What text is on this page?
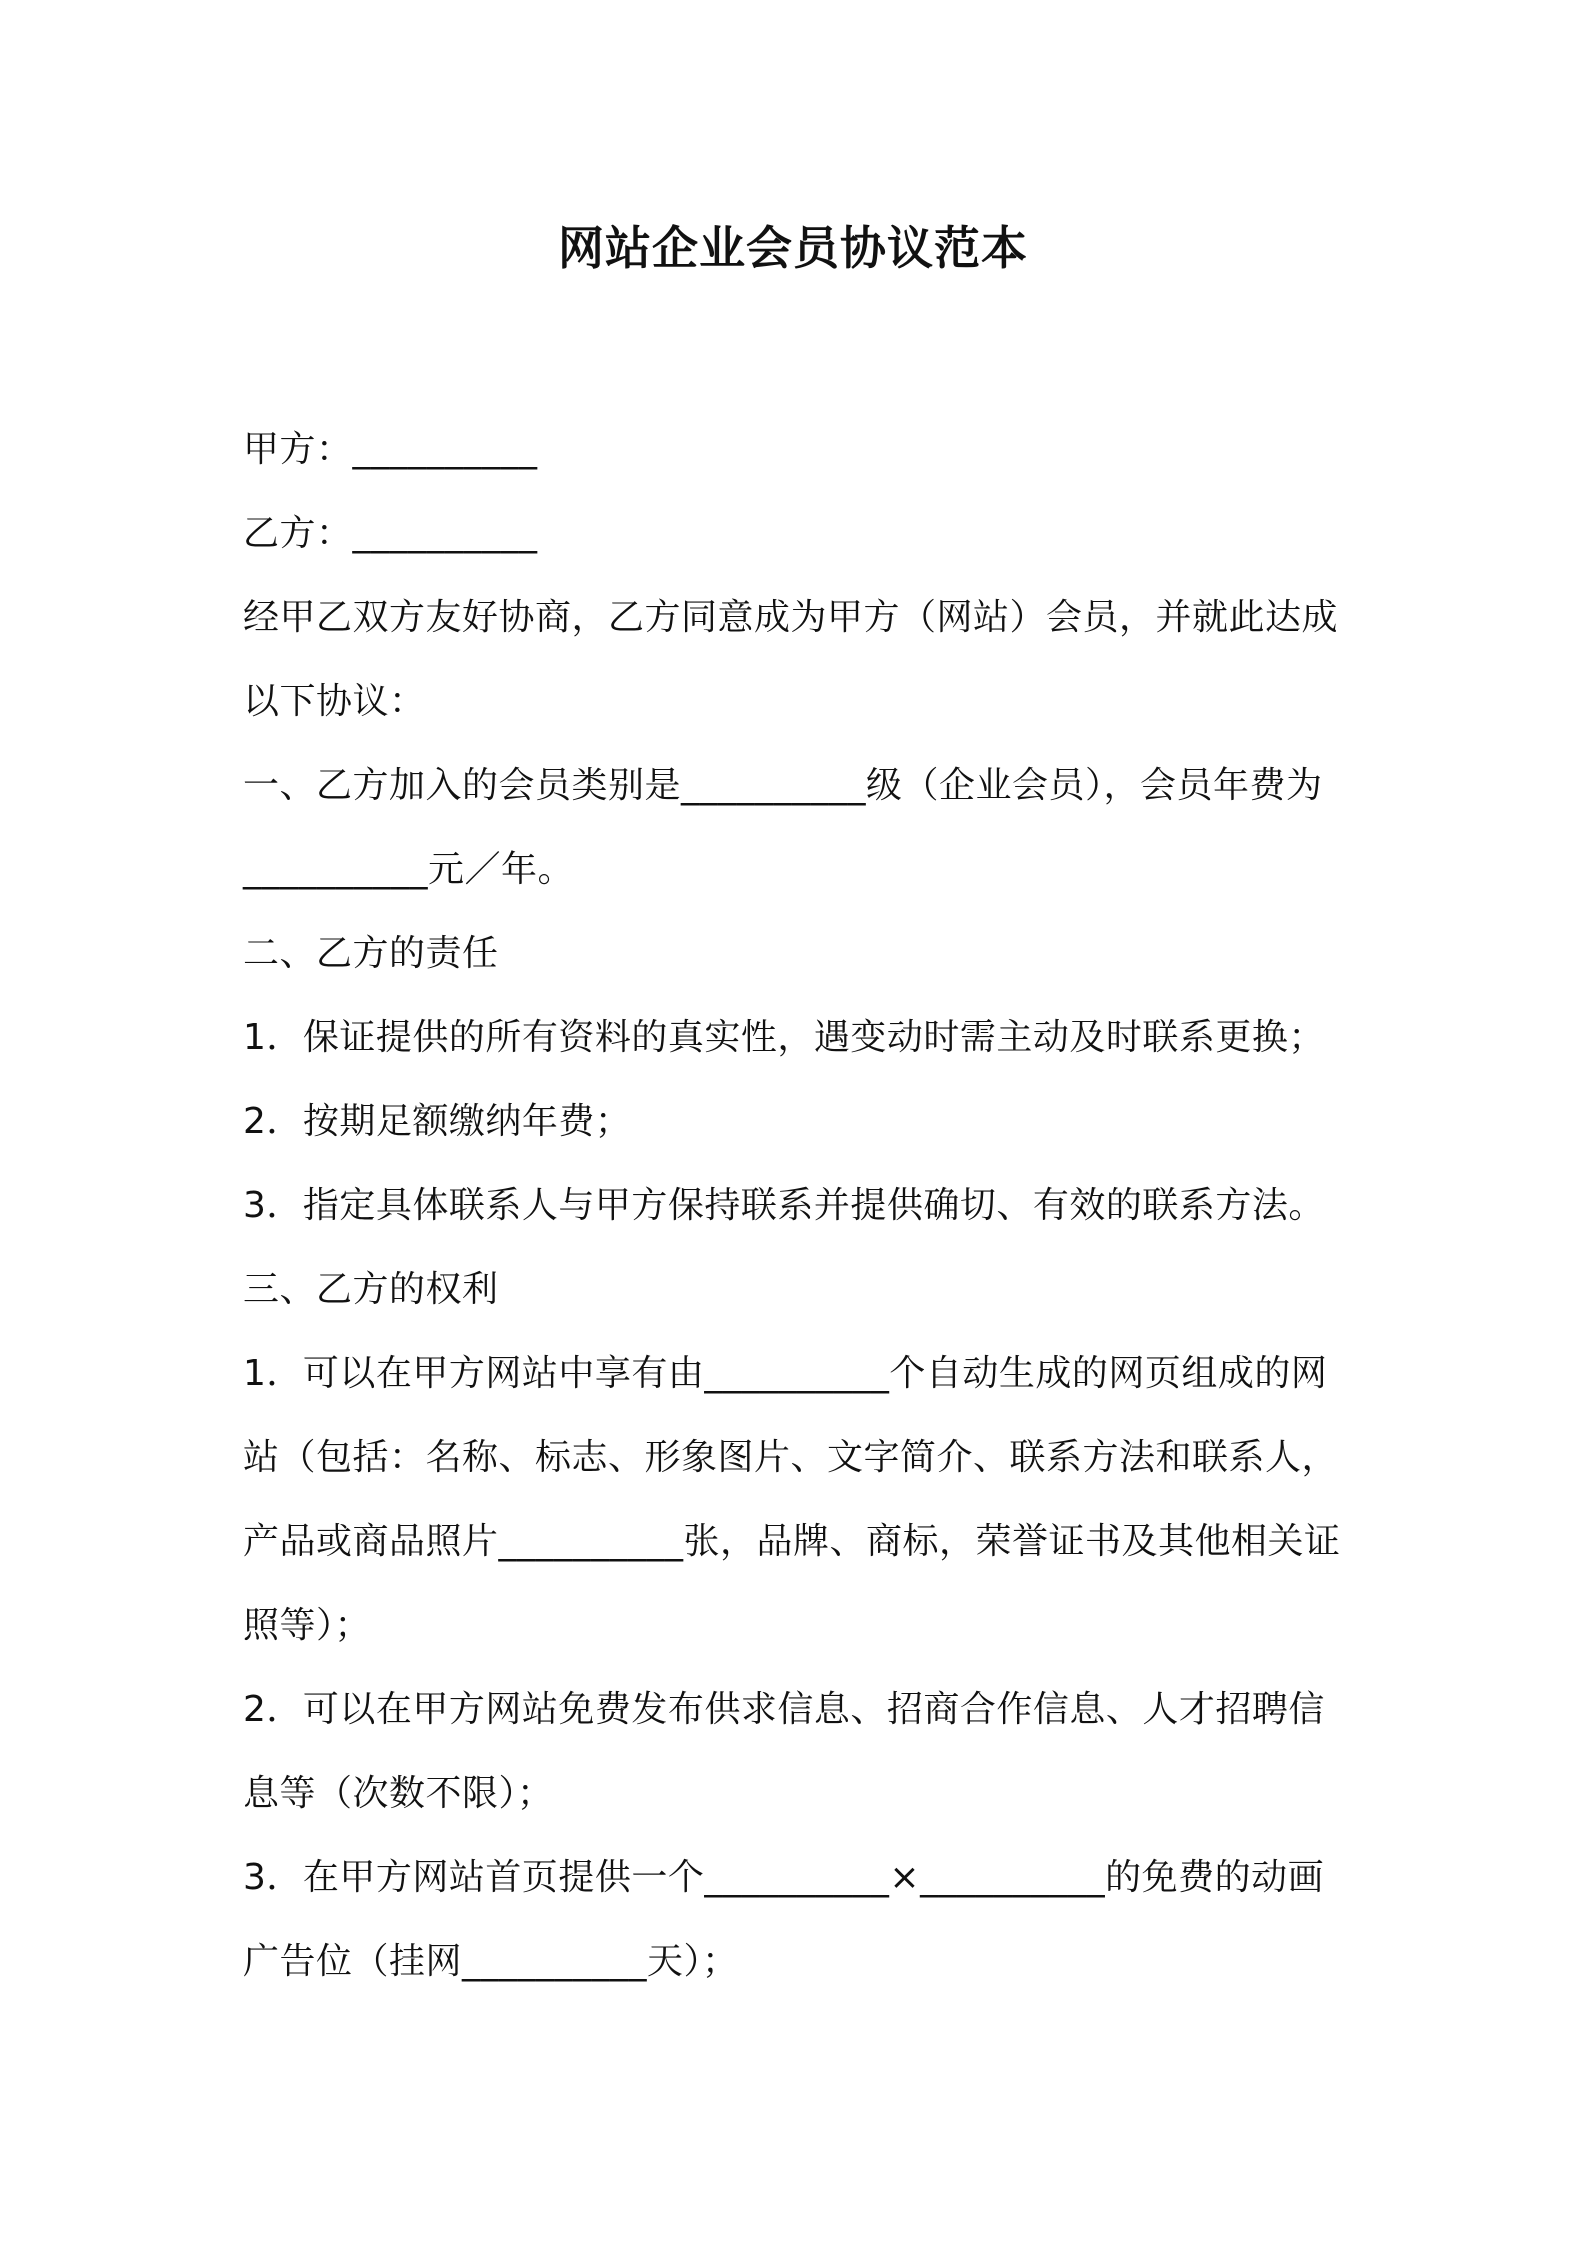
网站企业会员协议范本
甲方：__________
乙方：__________
经甲乙双方友好协商，乙方同意成为甲方（网站）会员，并就此达成
以下协议：
一、乙方加入的会员类别是__________级（企业会员），会员年费为
__________元／年。
二、乙方的责任
1．保证提供的所有资料的真实性，遇变动时需主动及时联系更换；
2．按期足额缴纳年费；
3．指定具体联系人与甲方保持联系并提供确切、有效的联系方法。
三、乙方的权利
1．可以在甲方网站中享有由__________个自动生成的网页组成的网
站（包括：名称、标志、形象图片、文字简介、联系方法和联系人，
产品或商品照片__________张，品牌、商标，荣誉证书及其他相关证
照等）；
2．可以在甲方网站免费发布供求信息、招商合作信息、人才招聘信
息等（次数不限）；
3．在甲方网站首页提供一个__________×__________的免费的动画
广告位（挂网__________天）；
